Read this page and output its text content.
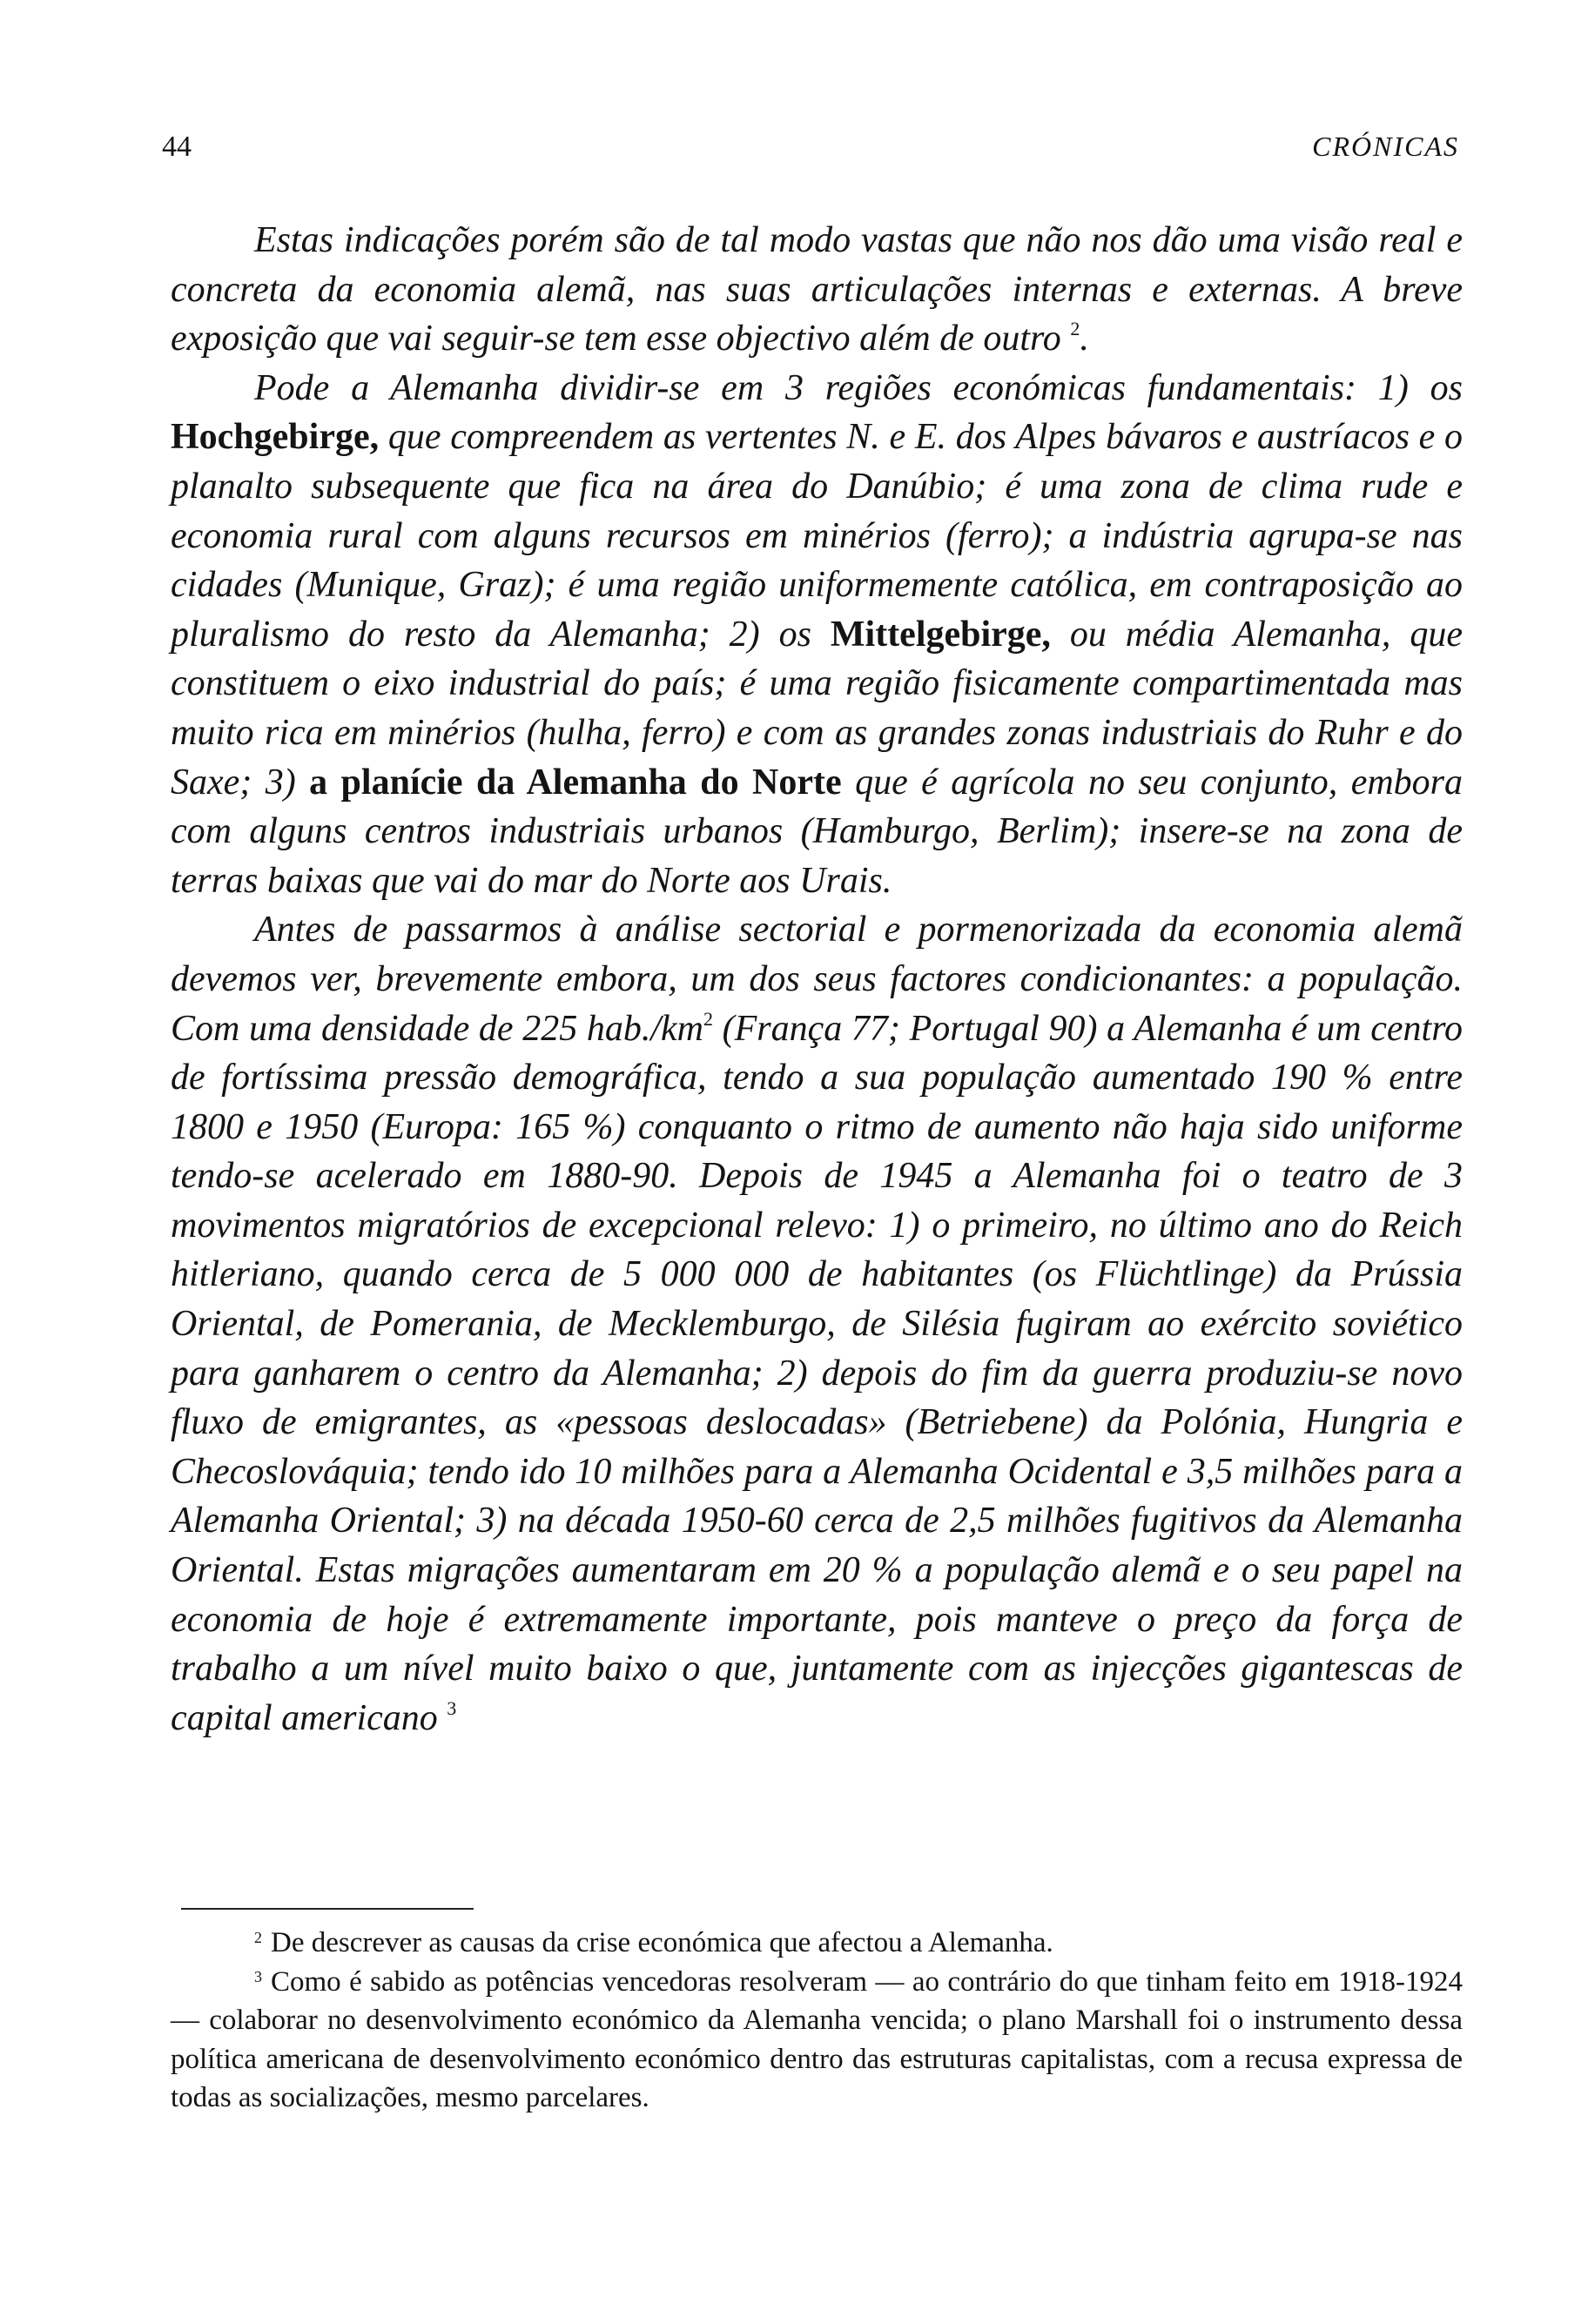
44	CRÓNICAS

Estas indicações porém são de tal modo vastas que não nos dão uma visão real e concreta da economia alemã, nas suas articulações internas e externas. A breve exposição que vai seguir-se tem esse objectivo além de outro $^2$.

Pode a Alemanha dividir-se em 3 regiões económicas fundamentais: 1) os Hochgebirge, que compreendem as vertentes N. e E. dos Alpes bávaros e austríacos e o planalto subsequente que fica na área do Danúbio; é uma zona de clima rude e economia rural com alguns recursos em minérios (ferro); a indústria agrupa-se nas cidades (Munique, Graz); é uma região uniformemente católica, em contraposição ao pluralismo do resto da Alemanha; 2) os Mittelgebirge, ou média Alemanha, que constituem o eixo industrial do país; é uma região fisicamente compartimentada mas muito rica em minérios (hulha, ferro) e com as grandes zonas industriais do Ruhr e do Saxe; 3) a planície da Alemanha do Norte que é agrícola no seu conjunto, embora com alguns centros industriais urbanos (Hamburgo, Berlim); insere-se na zona de terras baixas que vai do mar do Norte aos Urais.

Antes de passarmos à análise sectorial e pormenorizada da economia alemã devemos ver, brevemente embora, um dos seus factores condicionantes: a população. Com uma densidade de 225 $hab./km^2$ (França 77; Portugal 90) a Alemanha é um centro de fortíssima pressão demográfica, tendo a sua população aumentado 190 % entre 1800 e 1950 (Europa: 165 %) conquanto o ritmo de aumento não haja sido uniforme tendo-se acelerado em 1880-90. Depois de 1945 a Alemanha foi o teatro de 3 movimentos migratórios de excepcional relevo: 1) o primeiro, no último ano do Reich hitleriano, quando cerca de 5 000 000 de habitantes (os Flüchtlinge) da Prússia Oriental, de Pomerania, de Mecklemburgo, de Silésia fugiram ao exército soviético para ganharem o centro da Alemanha; 2) depois do fim da guerra produziu-se novo fluxo de emigrantes, as «pessoas deslocadas» (Betriebene) da Polónia, Hungria e Checoslováquia; tendo ido 10 milhões para a Alemanha Ocidental e 3,5 milhões para a Alemanha Oriental; 3) na década 1950-60 cerca de 2,5 milhões fugitivos da Alemanha Oriental. Estas migrações aumentaram em 20 % a população alemã e o seu papel na economia de hoje é extremamente importante, pois manteve o preço da força de trabalho a um nível muito baixo o que, juntamente com as injecções gigantescas de capital americano $^3$

$^2$ De descrever as causas da crise económica que afectou a Alemanha.

$^3$ Como é sabido as potências vencedoras resolveram — ao contrário do que tinham feito em 1918-1924 — colaborar no desenvolvimento económico da Alemanha vencida; o plano Marshall foi o instrumento dessa política americana de desenvolvimento económico dentro das estruturas capitalistas, com a recusa expressa de todas as socializações, mesmo parcelares.
